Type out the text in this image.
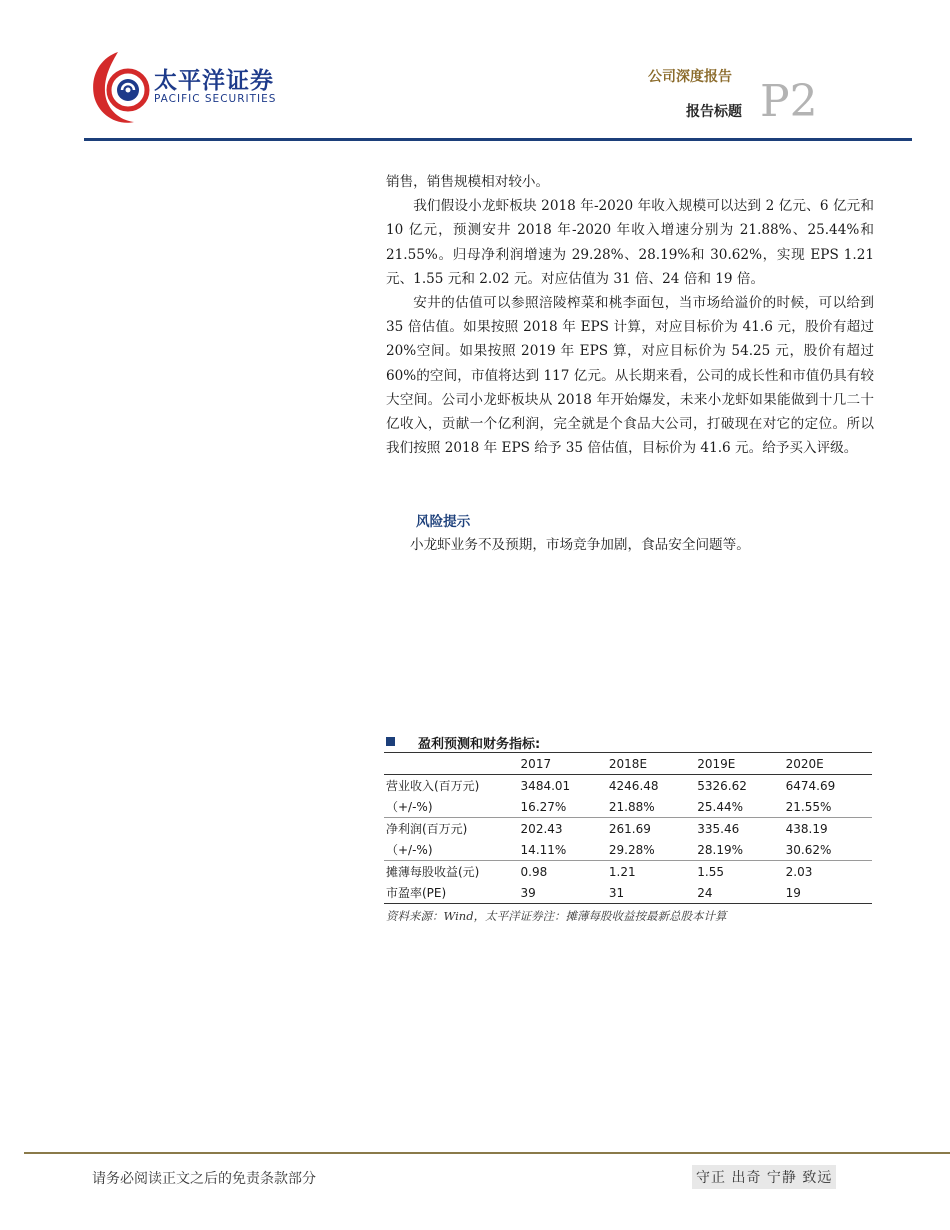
太平洋证券
PACIFIC SECURITIES
公司深度报告
报告标题 P2

销售，销售规模相对较小。

我们假设小龙虾板块 2018 年-2020 年收入规模可以达到 2 亿元、6 亿元和 10 亿元，预测安井 2018 年-2020 年收入增速分别为 21.88%、25.44%和 21.55%。归母净利润增速为 29.28%、28.19%和 30.62%，实现 EPS 1.21 元、1.55 元和 2.02 元。对应估值为 31 倍、24 倍和 19 倍。

安井的估值可以参照涪陵榨菜和桃李面包，当市场给溢价的时候，可以给到 35 倍估值。如果按照 2018 年 EPS 计算，对应目标价为 41.6 元，股价有超过 20%空间。如果按照 2019 年 EPS 算，对应目标价为 54.25 元，股价有超过 60%的空间，市值将达到 117 亿元。从长期来看，公司的成长性和市值仍具有较大空间。公司小龙虾板块从 2018 年开始爆发，未来小龙虾如果能做到十几二十亿收入，贡献一个亿利润，完全就是个食品大公司，打破现在对它的定位。所以我们按照 2018 年 EPS 给予 35 倍估值，目标价为 41.6 元。给予买入评级。

风险提示
小龙虾业务不及预期，市场竞争加剧，食品安全问题等。
盈利预测和财务指标:
	2017	2018E	2019E	2020E
营业收入(百万元)	3484.01	4246.48	5326.62	6474.69
（+/-%)	16.27%	21.88%	25.44%	21.55%
净利润(百万元)	202.43	261.69	335.46	438.19
（+/-%)	14.11%	29.28%	28.19%	30.62%
摊薄每股收益(元)	0.98	1.21	1.55	2.03
市盈率(PE)	39	31	24	19
资料来源：Wind，太平洋证券注：摊薄每股收益按最新总股本计算
请务必阅读正文之后的免责条款部分	守正 出奇 宁静 致远
